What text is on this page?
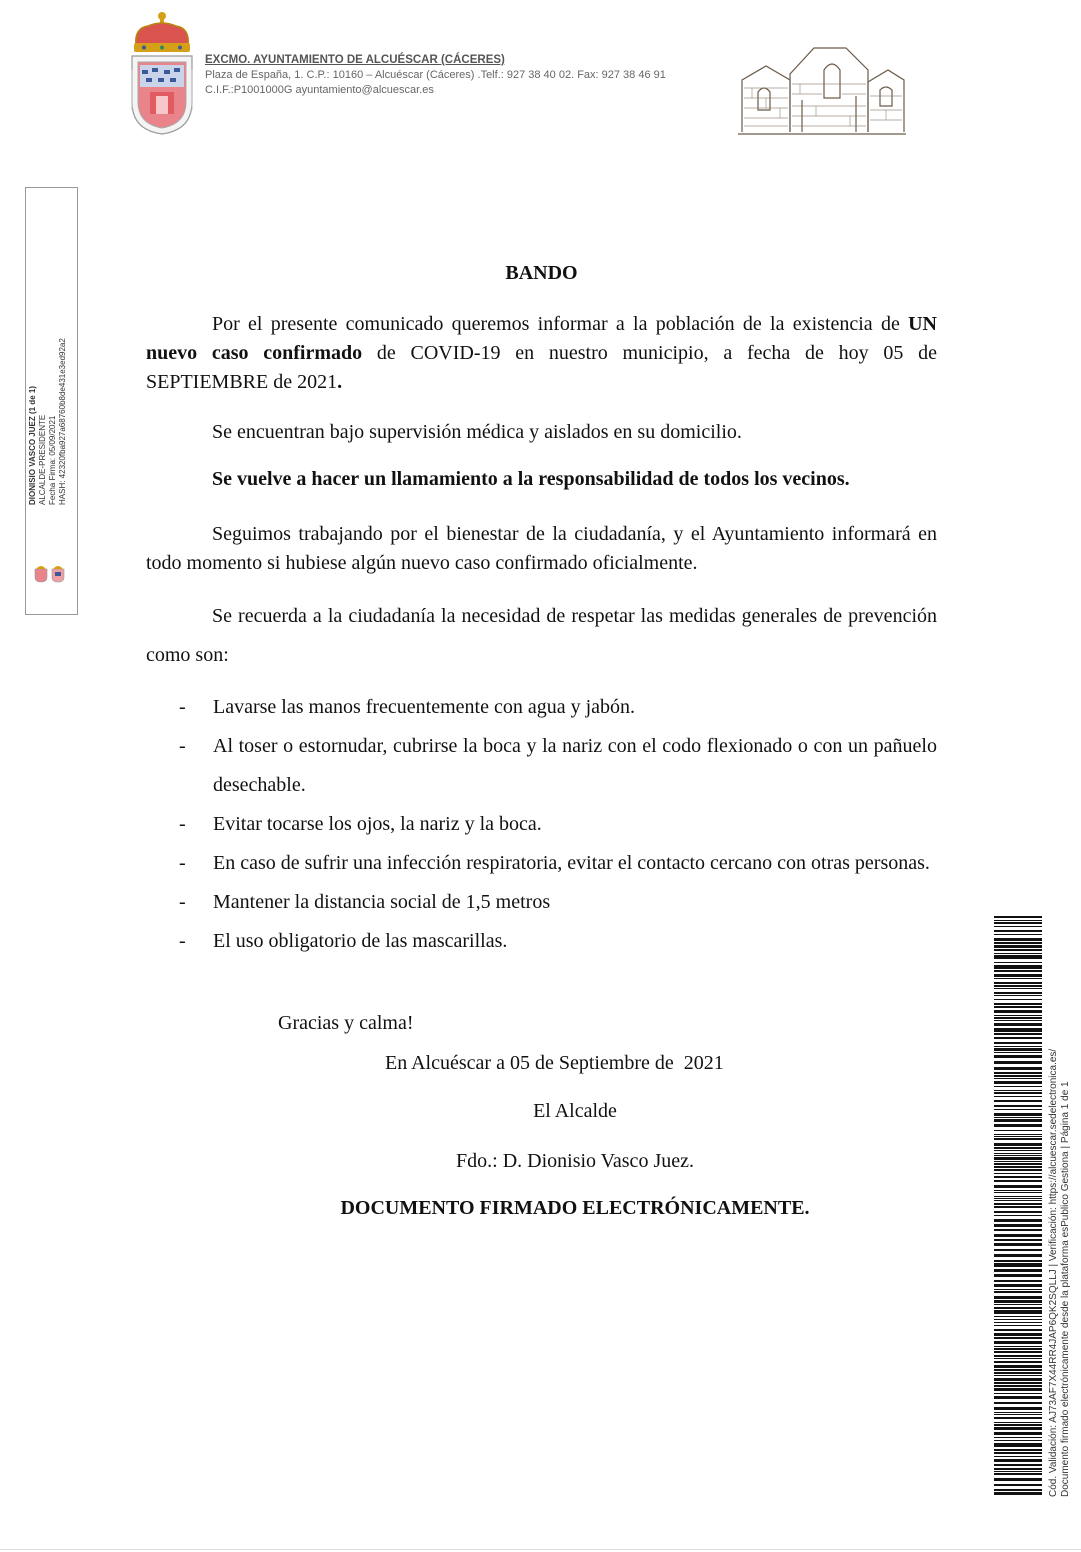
EXCMO. AYUNTAMIENTO DE ALCUÉSCAR (CÁCERES)
Plaza de España, 1. C.P.: 10160 – Alcuéscar (Cáceres) .Telf.: 927 38 40 02. Fax: 927 38 46 91
C.I.F.:P1001000G ayuntamiento@alcuescar.es
DIONISIO VASCO JUEZ (1 de 1) ALCALDE-PRESIDENTE Fecha Firma: 05/09/2021 HASH: 42320fba927a68760b8de431e3ed92a2
BANDO
Por el presente comunicado queremos informar a la población de la existencia de UN nuevo caso confirmado de COVID-19 en nuestro municipio, a fecha de hoy 05 de SEPTIEMBRE de 2021.
Se encuentran bajo supervisión médica y aislados en su domicilio.
Se vuelve a hacer un llamamiento a la responsabilidad de todos los vecinos.
Seguimos trabajando por el bienestar de la ciudadanía, y el Ayuntamiento informará en todo momento si hubiese algún nuevo caso confirmado oficialmente.
Se recuerda a la ciudadanía la necesidad de respetar las medidas generales de prevención como son:
- Lavarse las manos frecuentemente con agua y jabón.
- Al toser o estornudar, cubrirse la boca y la nariz con el codo flexionado o con un pañuelo desechable.
- Evitar tocarse los ojos, la nariz y la boca.
- En caso de sufrir una infección respiratoria, evitar el contacto cercano con otras personas.
- Mantener la distancia social de 1,5 metros
- El uso obligatorio de las mascarillas.
Gracias y calma!
En Alcuéscar a 05 de Septiembre de  2021
El Alcalde
Fdo.: D. Dionisio Vasco Juez.
DOCUMENTO FIRMADO ELECTRÓNICAMENTE.	Cód. Validación: AJ73AF7X44RR4JAP6QK2SQLLJ | Verificación: https://alcuescar.sedelectronica.es/ Documento firmado electrónicamente desde la plataforma esPublico Gestiona | Página 1 de 1
